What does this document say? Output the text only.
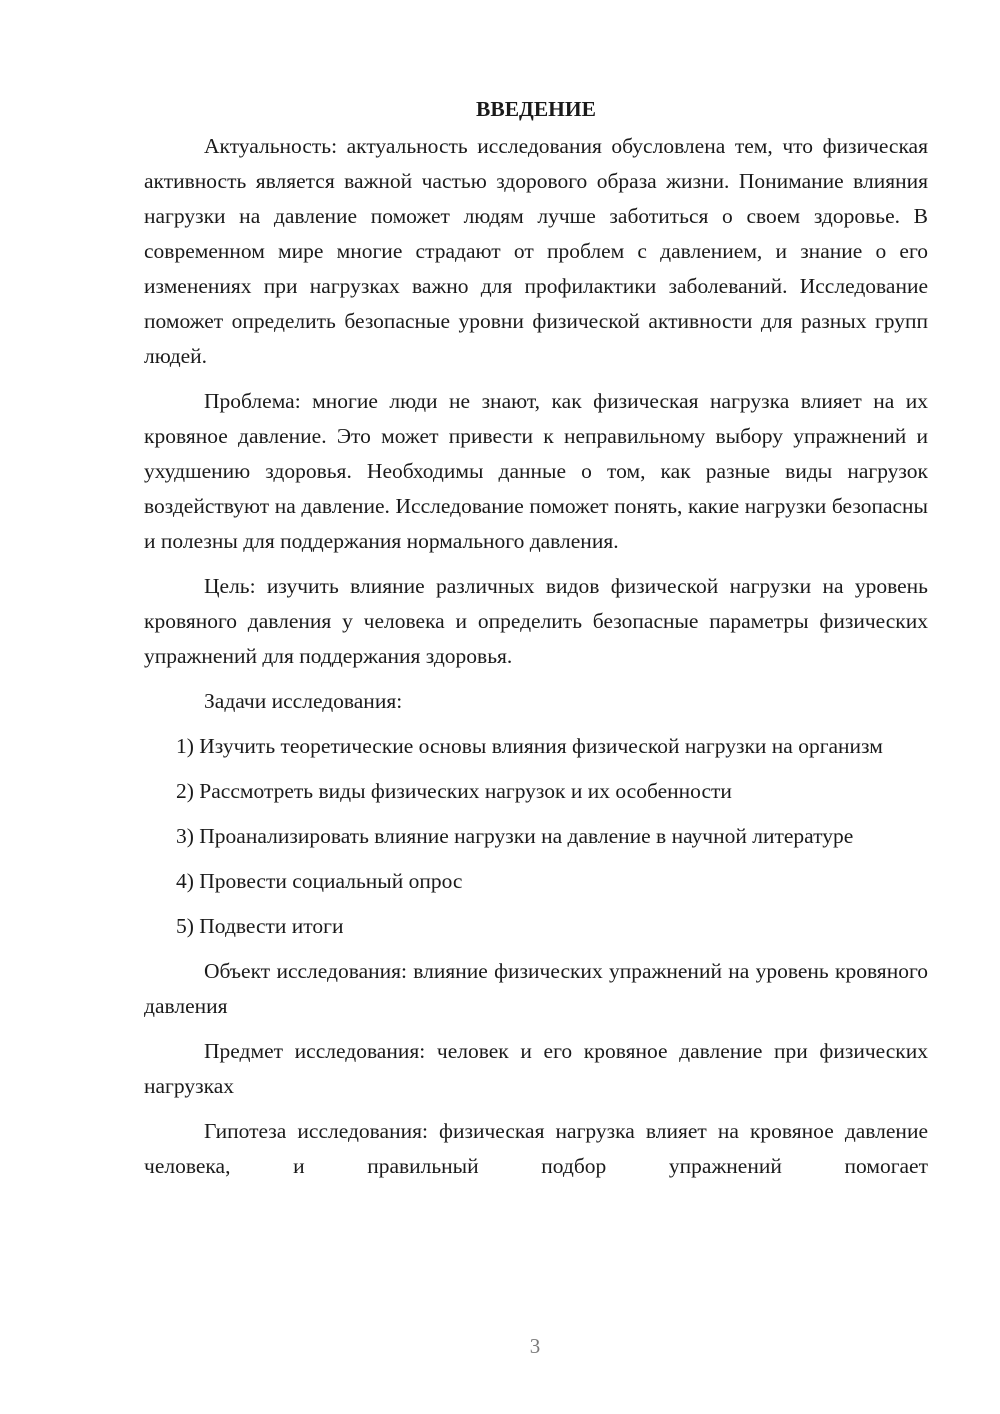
ВВЕДЕНИЕ

Актуальность: актуальность исследования обусловлена тем, что физическая активность является важной частью здорового образа жизни. Понимание влияния нагрузки на давление поможет людям лучше заботиться о своем здоровье. В современном мире многие страдают от проблем с давлением, и знание о его изменениях при нагрузках важно для профилактики заболеваний. Исследование поможет определить безопасные уровни физической активности для разных групп людей.

Проблема: многие люди не знают, как физическая нагрузка влияет на их кровяное давление. Это может привести к неправильному выбору упражнений и ухудшению здоровья. Необходимы данные о том, как разные виды нагрузок воздействуют на давление. Исследование поможет понять, какие нагрузки безопасны и полезны для поддержания нормального давления.

Цель: изучить влияние различных видов физической нагрузки на уровень кровяного давления у человека и определить безопасные параметры физических упражнений для поддержания здоровья.

Задачи исследования:

1) Изучить теоретические основы влияния физической нагрузки на организм

2) Рассмотреть виды физических нагрузок и их особенности

3) Проанализировать влияние нагрузки на давление в научной литературе

4) Провести социальный опрос

5) Подвести итоги

Объект исследования: влияние физических упражнений на уровень кровяного давления

Предмет исследования: человек и его кровяное давление при физических нагрузках

Гипотеза исследования: физическая нагрузка влияет на кровяное давление человека, и правильный подбор упражнений помогает

3
